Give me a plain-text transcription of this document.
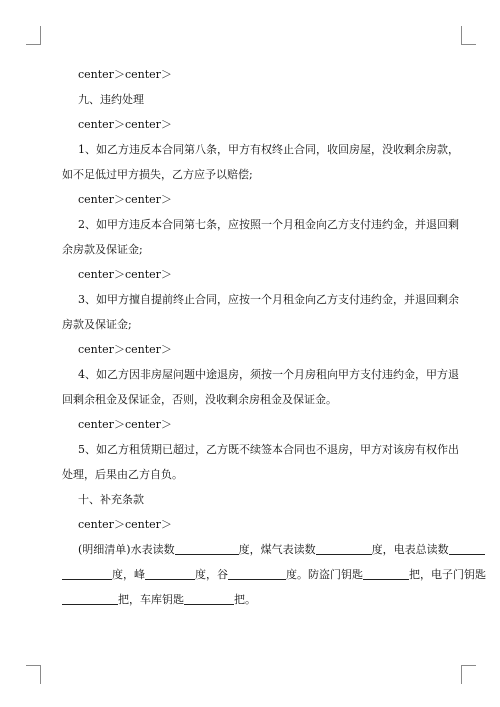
center＞center＞
九、违约处理
center＞center＞
1、如乙方违反本合同第八条，甲方有权终止合同，收回房屋，没收剩余房款，
如不足低过甲方损失，乙方应予以赔偿;
center＞center＞
2、如甲方违反本合同第七条，应按照一个月租金向乙方支付违约金，并退回剩
余房款及保证金;
center＞center＞
3、如甲方擅自提前终止合同，应按一个月租金向乙方支付违约金，并退回剩余
房款及保证金;
center＞center＞
4、如乙方因非房屋问题中途退房，须按一个月房租向甲方支付违约金，甲方退
回剩余租金及保证金，否则，没收剩余房租金及保证金。
center＞center＞
5、如乙方租赁期已超过，乙方既不续签本合同也不退房，甲方对该房有权作出
处理，后果由乙方自负。
十、补充条款
center＞center＞
(明细清单)水表读数	度，煤气表读数	度，电表总读数
度，峰	度，谷	度。防盗门钥匙	把，电子门钥匙
把，车库钥匙	把。
